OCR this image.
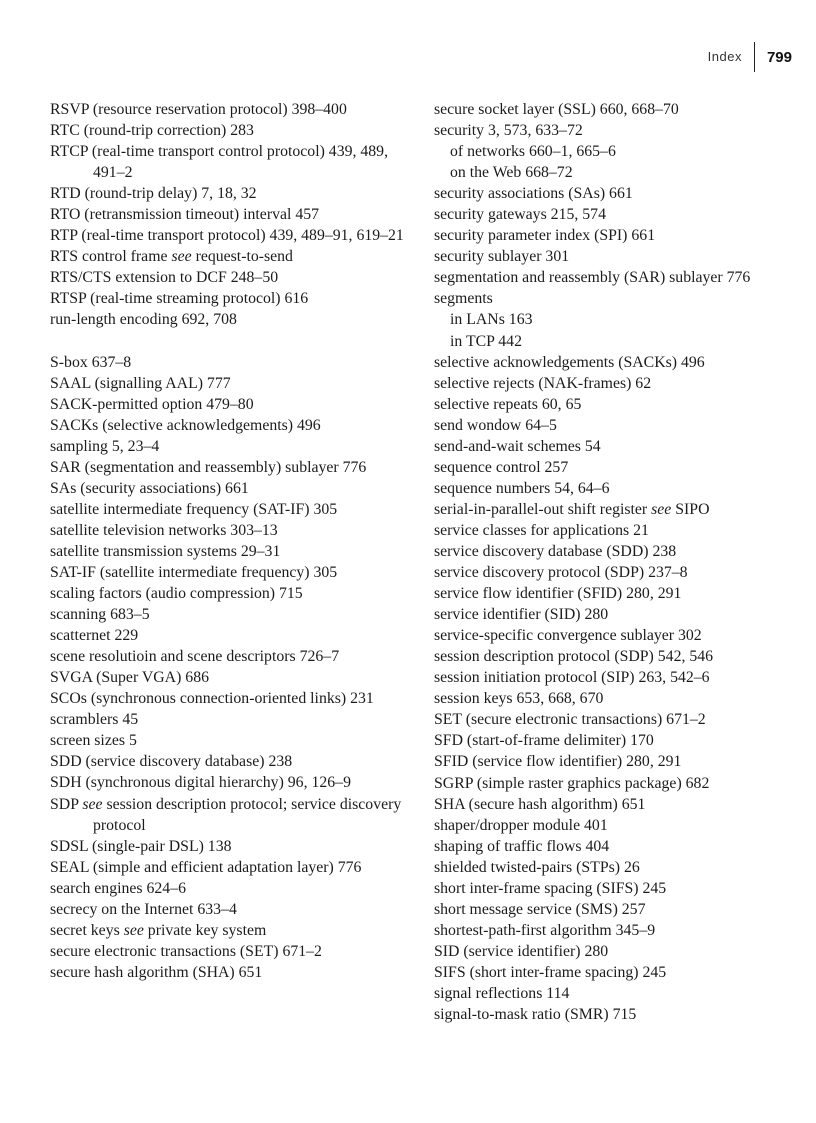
Index	799
RSVP (resource reservation protocol) 398–400
RTC (round-trip correction) 283
RTCP (real-time transport control protocol) 439, 489, 491–2
RTD (round-trip delay) 7, 18, 32
RTO (retransmission timeout) interval 457
RTP (real-time transport protocol) 439, 489–91, 619–21
RTS control frame see request-to-send
RTS/CTS extension to DCF 248–50
RTSP (real-time streaming protocol) 616
run-length encoding 692, 708
S-box 637–8
SAAL (signalling AAL) 777
SACK-permitted option 479–80
SACKs (selective acknowledgements) 496
sampling 5, 23–4
SAR (segmentation and reassembly) sublayer 776
SAs (security associations) 661
satellite intermediate frequency (SAT-IF) 305
satellite television networks 303–13
satellite transmission systems 29–31
SAT-IF (satellite intermediate frequency) 305
scaling factors (audio compression) 715
scanning 683–5
scatternet 229
scene resolutioin and scene descriptors 726–7
SVGA (Super VGA) 686
SCOs (synchronous connection-oriented links) 231
scramblers 45
screen sizes 5
SDD (service discovery database) 238
SDH (synchronous digital hierarchy) 96, 126–9
SDP see session description protocol; service discovery protocol
SDSL (single-pair DSL) 138
SEAL (simple and efficient adaptation layer) 776
search engines 624–6
secrecy on the Internet 633–4
secret keys see private key system
secure electronic transactions (SET) 671–2
secure hash algorithm (SHA) 651
secure socket layer (SSL) 660, 668–70
security 3, 573, 633–72
of networks 660–1, 665–6
on the Web 668–72
security associations (SAs) 661
security gateways 215, 574
security parameter index (SPI) 661
security sublayer 301
segmentation and reassembly (SAR) sublayer 776
segments
in LANs 163
in TCP 442
selective acknowledgements (SACKs) 496
selective rejects (NAK-frames) 62
selective repeats 60, 65
send wondow 64–5
send-and-wait schemes 54
sequence control 257
sequence numbers 54, 64–6
serial-in-parallel-out shift register see SIPO
service classes for applications 21
service discovery database (SDD) 238
service discovery protocol (SDP) 237–8
service flow identifier (SFID) 280, 291
service identifier (SID) 280
service-specific convergence sublayer 302
session description protocol (SDP) 542, 546
session initiation protocol (SIP) 263, 542–6
session keys 653, 668, 670
SET (secure electronic transactions) 671–2
SFD (start-of-frame delimiter) 170
SFID (service flow identifier) 280, 291
SGRP (simple raster graphics package) 682
SHA (secure hash algorithm) 651
shaper/dropper module 401
shaping of traffic flows 404
shielded twisted-pairs (STPs) 26
short inter-frame spacing (SIFS) 245
short message service (SMS) 257
shortest-path-first algorithm 345–9
SID (service identifier) 280
SIFS (short inter-frame spacing) 245
signal reflections 114
signal-to-mask ratio (SMR) 715
